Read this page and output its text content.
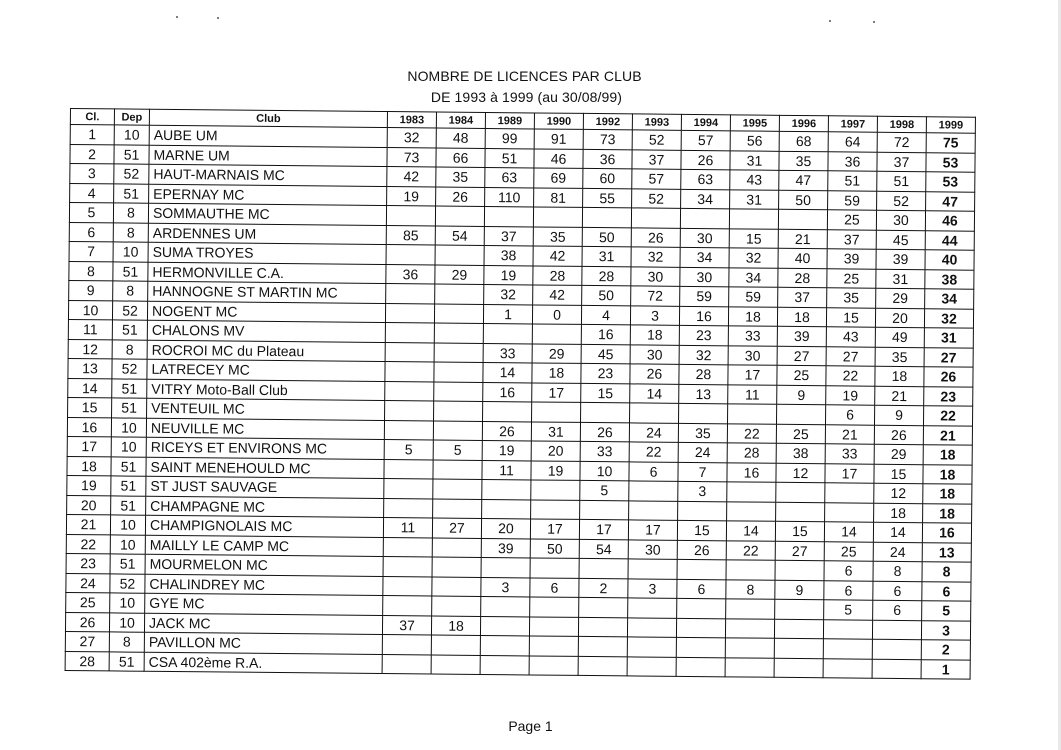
NOMBRE DE LICENCES PAR CLUB
DE 1993 à 1999 (au 30/08/99)
Cl.	Dep	Club	1983	1984	1989	1990	1992	1993	1994	1995	1996	1997	1998	1999
1	10	AUBE UM	32	48	99	91	73	52	57	56	68	64	72	75
2	51	MARNE UM	73	66	51	46	36	37	26	31	35	36	37	53
3	52	HAUT-MARNAIS MC	42	35	63	69	60	57	63	43	47	51	51	53
4	51	EPERNAY MC	19	26	110	81	55	52	34	31	50	59	52	47
5	8	SOMMAUTHE MC										25	30	46
6	8	ARDENNES UM	85	54	37	35	50	26	30	15	21	37	45	44
7	10	SUMA TROYES			38	42	31	32	34	32	40	39	39	40
8	51	HERMONVILLE C.A.	36	29	19	28	28	30	30	34	28	25	31	38
9	8	HANNOGNE ST MARTIN MC			32	42	50	72	59	59	37	35	29	34
10	52	NOGENT MC			1	0	4	3	16	18	18	15	20	32
11	51	CHALONS MV					16	18	23	33	39	43	49	31
12	8	ROCROI MC du Plateau			33	29	45	30	32	30	27	27	35	27
13	52	LATRECEY MC			14	18	23	26	28	17	25	22	18	26
14	51	VITRY Moto-Ball Club			16	17	15	14	13	11	9	19	21	23
15	51	VENTEUIL MC										6	9	22
16	10	NEUVILLE MC			26	31	26	24	35	22	25	21	26	21
17	10	RICEYS ET ENVIRONS MC	5	5	19	20	33	22	24	28	38	33	29	18
18	51	SAINT MENEHOULD MC			11	19	10	6	7	16	12	17	15	18
19	51	ST JUST SAUVAGE					5		3				12	18
20	51	CHAMPAGNE MC											18	18
21	10	CHAMPIGNOLAIS MC	11	27	20	17	17	17	15	14	15	14	14	16
22	10	MAILLY LE CAMP MC			39	50	54	30	26	22	27	25	24	13
23	51	MOURMELON MC										6	8	8
24	52	CHALINDREY MC			3	6	2	3	6	8	9	6	6	6
25	10	GYE MC										5	6	5
26	10	JACK MC	37	18										3
27	8	PAVILLON MC												2
28	51	CSA 402ème R.A.												1
Page 1
